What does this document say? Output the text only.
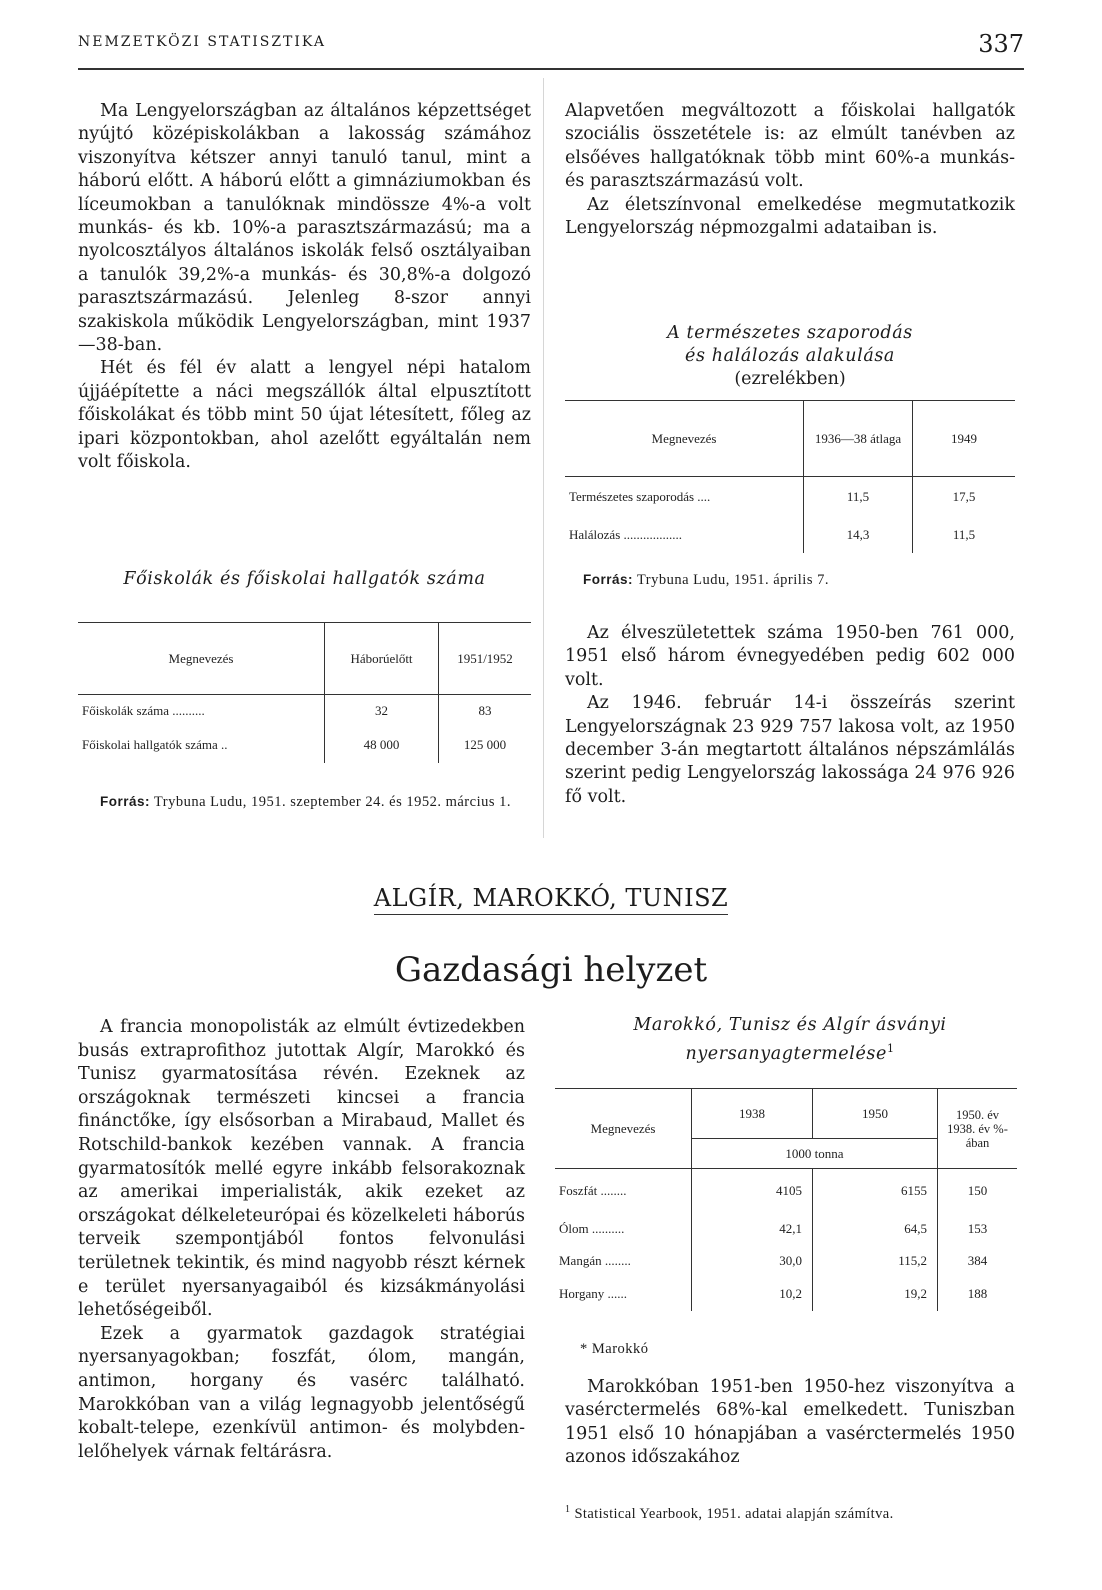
NEMZETKÖZI STATISZTIKA	337

Ma Lengyelországban az általános képzettséget nyújtó középiskolákban a lakosság számához viszonyítva kétszer annyi tanuló tanul, mint a háború előtt. A háború előtt a gimnáziumokban és líceumokban a tanulóknak mindössze 4%-a volt munkás- és kb. 10%-a parasztszármazású; ma a nyolcosztályos általános iskolák felső osztályaiban a tanulók 39,2%-a munkás- és 30,8%-a dolgozó parasztszármazású. Jelenleg 8-szor annyi szakiskola működik Lengyelországban, mint 1937—38-ban.

Hét és fél év alatt a lengyel népi hatalom újjáépítette a náci megszállók által elpusztított főiskolákat és több mint 50 újat létesített, főleg az ipari központokban, ahol azelőtt egyáltalán nem volt főiskola.

Főiskolák és főiskolai hallgatók száma
Megnevezés	Háborúelőtt	1951/1952
Főiskolák száma ..........	32	83
Főiskolai hallgatók száma ..	48 000	125 000
Forrás: Trybuna Ludu, 1951. szeptember 24. és 1952. március 1.

Alapvetően megváltozott a főiskolai hallgatók szociális összetétele is: az elmúlt tanévben az elsőéves hallgatóknak több mint 60%-a munkás- és parasztszármazású volt.

Az életszínvonal emelkedése megmutatkozik Lengyelország népmozgalmi adataiban is.

A természetes szaporodás
és halálozás alakulása
(ezrelékben)
Megnevezés	1936—38 átlaga	1949
Természetes szaporodás ....	11,5	17,5
Halálozás ..................	14,3	11,5
Forrás: Trybuna Ludu, 1951. április 7.

Az élveszületettek száma 1950-ben 761 000, 1951 első három évnegyedében pedig 602 000 volt.

Az 1946. február 14-i összeírás szerint Lengyelországnak 23 929 757 lakosa volt, az 1950 december 3-án megtartott általános népszámlálás szerint pedig Lengyelország lakossága 24 976 926 fő volt.

ALGÍR, MAROKKÓ, TUNISZ
Gazdasági helyzet

A francia monopolisták az elmúlt évtizedekben busás extraprofithoz jutottak Algír, Marokkó és Tunisz gyarmatosítása révén. Ezeknek az országoknak természeti kincsei a francia finánctőke, így elsősorban a Mirabaud, Mallet és Rotschild-bankok kezében vannak. A francia gyarmatosítók mellé egyre inkább felsorakoznak az amerikai imperialisták, akik ezeket az országokat délkeleteurópai és közelkeleti háborús terveik szempontjából fontos felvonulási területnek tekintik, és mind nagyobb részt kérnek e terület nyersanyagaiból és kizsákmányolási lehetőségeiből.

Ezek a gyarmatok gazdagok stratégiai nyersanyagokban; foszfát, ólom, mangán, antimon, horgany és vasérc található. Marokkóban van a világ legnagyobb jelentőségű kobalt-telepe, ezenkívül antimon- és molybden-lelőhelyek várnak feltárásra.

Marokkó, Tunisz és Algír ásványi
nyersanyagtermelése$^1$
Megnevezés	1938	1950	1950. év 1938. év %-ában
	1000 tonna		
Foszfát ........	4105	6155	150
Ólom ..........	42,1	64,5	153
Mangán ........	30,0	115,2	384
Horgany ......	10,2	19,2	188
* Marokkó

Marokkóban 1951-ben 1950-hez viszonyítva a vasérctermelés 68%-kal emelkedett. Tuniszban 1951 első 10 hónapjában a vasérctermelés 1950 azonos időszakához

$^1$ Statistical Yearbook, 1951. adatai alapján számítva.
